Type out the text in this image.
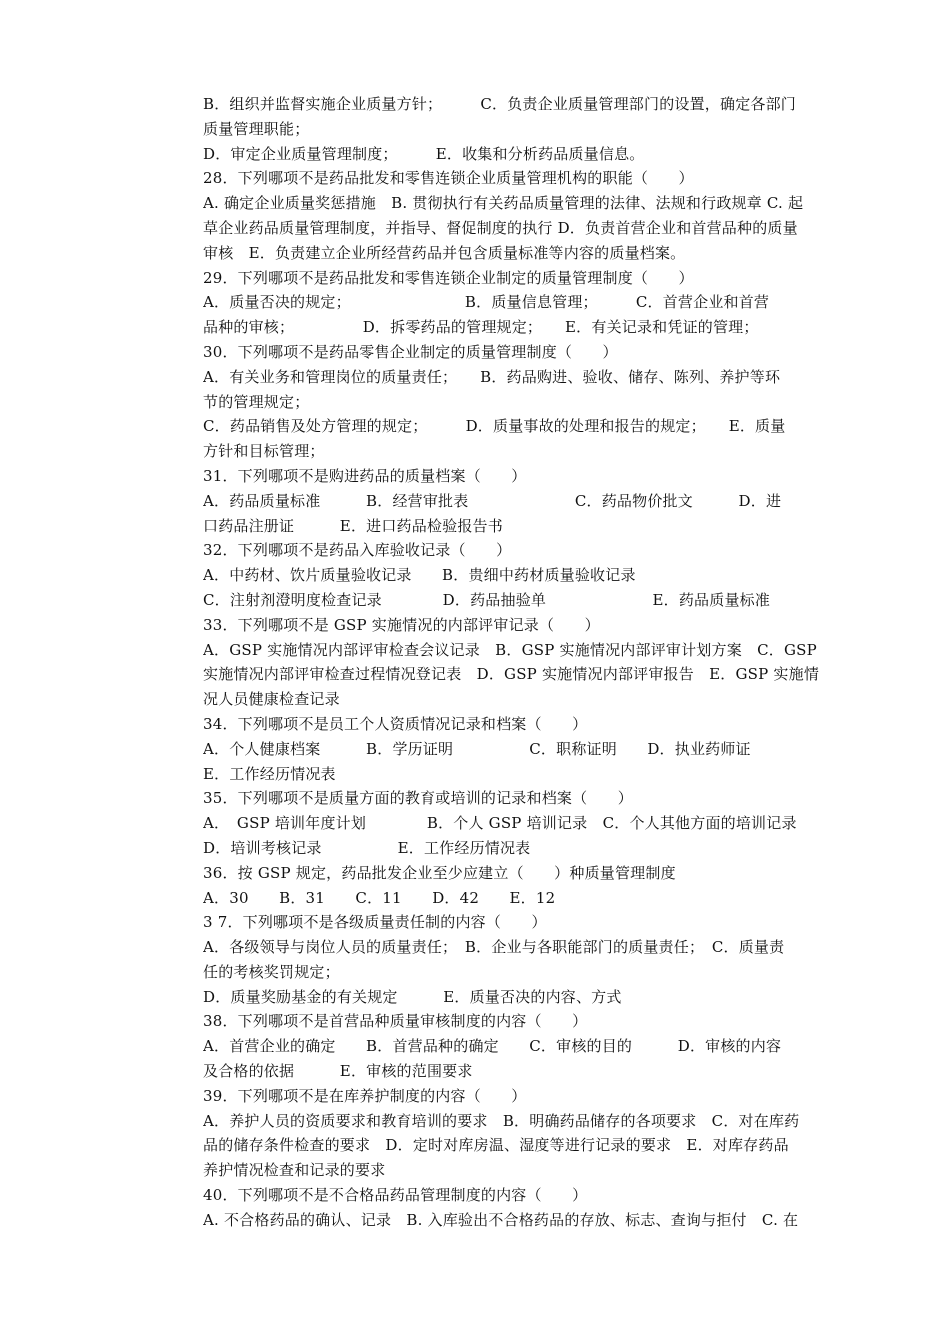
B．组织并监督实施企业质量方针；　　　C．负责企业质量管理部门的设置，确定各部门
质量管理职能；
D．审定企业质量管理制度；　　　E．收集和分析药品质量信息。
28．下列哪项不是药品批发和零售连锁企业质量管理机构的职能（　　）
A. 确定企业质量奖惩措施　B. 贯彻执行有关药品质量管理的法律、法规和行政规章 C. 起
草企业药品质量管理制度，并指导、督促制度的执行 D．负责首营企业和首营品种的质量
审核　E．负责建立企业所经营药品并包含质量标准等内容的质量档案。
29．下列哪项不是药品批发和零售连锁企业制定的质量管理制度（　　）
A．质量否决的规定；　　　　　　　　B．质量信息管理；　　　C．首营企业和首营
品种的审核；　　　　　D．拆零药品的管理规定；　　E．有关记录和凭证的管理；
30．下列哪项不是药品零售企业制定的质量管理制度（　　）
A．有关业务和管理岗位的质量责任；　　B．药品购进、验收、储存、陈列、养护等环
节的管理规定；
C．药品销售及处方管理的规定；　　　D．质量事故的处理和报告的规定；　　E．质量
方针和目标管理；
31．下列哪项不是购进药品的质量档案（　　）
A．药品质量标准　　　B．经营审批表　　　　　　　C．药品物价批文　　　D．进
口药品注册证　　　E．进口药品检验报告书
32．下列哪项不是药品入库验收记录（　　）
A．中药材、饮片质量验收记录　　B．贵细中药材质量验收记录
C．注射剂澄明度检查记录　　　　D．药品抽验单　　　　　　　E．药品质量标准
33．下列哪项不是 GSP 实施情况的内部评审记录（　　）
A．GSP 实施情况内部评审检查会议记录　B．GSP 实施情况内部评审计划方案　C．GSP
实施情况内部评审检查过程情况登记表　D．GSP 实施情况内部评审报告　E．GSP 实施情
况人员健康检查记录
34．下列哪项不是员工个人资质情况记录和档案（　　）
A．个人健康档案　　　B．学历证明　　　　　C．职称证明　　D．执业药师证
E．工作经历情况表
35．下列哪项不是质量方面的教育或培训的记录和档案（　　）
A．　GSP 培训年度计划　　　　B．个人 GSP 培训记录　C．个人其他方面的培训记录
D．培训考核记录　　　　　E．工作经历情况表
36．按 GSP 规定，药品批发企业至少应建立（　　）种质量管理制度
A．30　　B．31　　C．11　　D．42　　E．12
3 7．下列哪项不是各级质量责任制的内容（　　）
A．各级领导与岗位人员的质量责任；　B．企业与各职能部门的质量责任；　C．质量责
任的考核奖罚规定；
D．质量奖励基金的有关规定　　　E．质量否决的内容、方式
38．下列哪项不是首营品种质量审核制度的内容（　　）
A．首营企业的确定　　B．首营品种的确定　　C．审核的目的　　　D．审核的内容
及合格的依据　　　E．审核的范围要求
39．下列哪项不是在库养护制度的内容（　　）
A．养护人员的资质要求和教育培训的要求　B．明确药品储存的各项要求　C．对在库药
品的储存条件检查的要求　D．定时对库房温、湿度等进行记录的要求　E．对库存药品
养护情况检查和记录的要求
40．下列哪项不是不合格品药品管理制度的内容（　　）
A. 不合格药品的确认、记录　B. 入库验出不合格药品的存放、标志、查询与拒付　C. 在
